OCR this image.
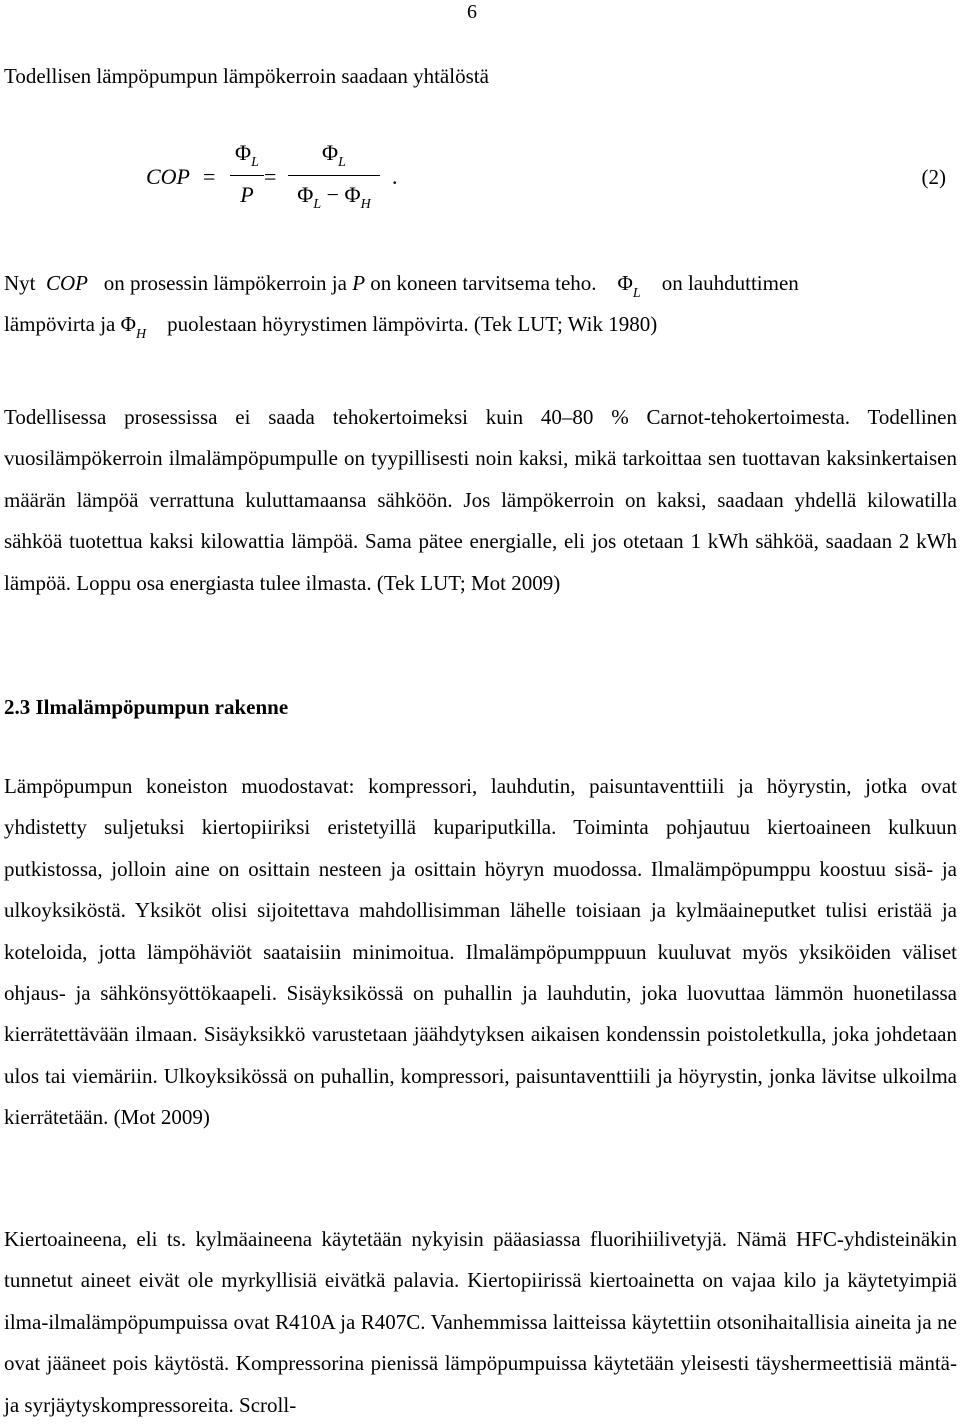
6
Todellisen lämpöpumpun lämpökerroin saadaan yhtälöstä
COP =
$\Phi_L$
P
=
$\Phi_L$
$\Phi_L - \Phi_H$
.	(2)

Nyt COP on prosessin lämpökerroin ja P on koneen tarvitsema teho. $\Phi_L$ on lauhduttimen
lämpövirta ja $\Phi_H$ puolestaan höyrystimen lämpövirta. (Tek LUT; Wik 1980)

Todellisessa prosessissa ei saada tehokertoimeksi kuin 40–80 % Carnot-tehokertoimesta. Todellinen vuosilämpökerroin ilmalämpöpumpulle on tyypillisesti noin kaksi, mikä tarkoittaa sen tuottavan kaksinkertaisen määrän lämpöä verrattuna kuluttamaansa sähköön. Jos lämpökerroin on kaksi, saadaan yhdellä kilowatilla sähköä tuotettua kaksi kilowattia lämpöä. Sama pätee energialle, eli jos otetaan 1 kWh sähköä, saadaan 2 kWh lämpöä. Loppu osa energiasta tulee ilmasta. (Tek LUT; Mot 2009)

2.3 Ilmalämpöpumpun rakenne

Lämpöpumpun koneiston muodostavat: kompressori, lauhdutin, paisuntaventtiili ja höyrystin, jotka ovat yhdistetty suljetuksi kiertopiiriksi eristetyillä kupariputkilla. Toiminta pohjautuu kiertoaineen kulkuun putkistossa, jolloin aine on osittain nesteen ja osittain höyryn muodossa. Ilmalämpöpumppu koostuu sisä- ja ulkoyksiköstä. Yksiköt olisi sijoitettava mahdollisimman lähelle toisiaan ja kylmäaineputket tulisi eristää ja koteloida, jotta lämpöhäviöt saataisiin minimoitua. Ilmalämpöpumppuun kuuluvat myös yksiköiden väliset ohjaus- ja sähkönsyöttökaapeli. Sisäyksikössä on puhallin ja lauhdutin, joka luovuttaa lämmön huonetilassa kierrätettävään ilmaan. Sisäyksikkö varustetaan jäähdytyksen aikaisen kondenssin poistoletkulla, joka johdetaan ulos tai viemäriin. Ulkoyksikössä on puhallin, kompressori, paisuntaventtiili ja höyrystin, jonka lävitse ulkoilma kierrätetään. (Mot 2009)

Kiertoaineena, eli ts. kylmäaineena käytetään nykyisin pääasiassa fluorihiilivetyjä. Nämä HFC-yhdisteinäkin tunnetut aineet eivät ole myrkyllisiä eivätkä palavia. Kiertopiirissä kiertoainetta on vajaa kilo ja käytetyimpiä ilma-ilmalämpöpumpuissa ovat R410A ja R407C. Vanhemmissa laitteissa käytettiin otsonihaitallisia aineita ja ne ovat jääneet pois käytöstä. Kompressorina pienissä lämpöpumpuissa käytetään yleisesti täyshermeettisiä mäntä- ja syrjäytyskompressoreita. Scroll-
